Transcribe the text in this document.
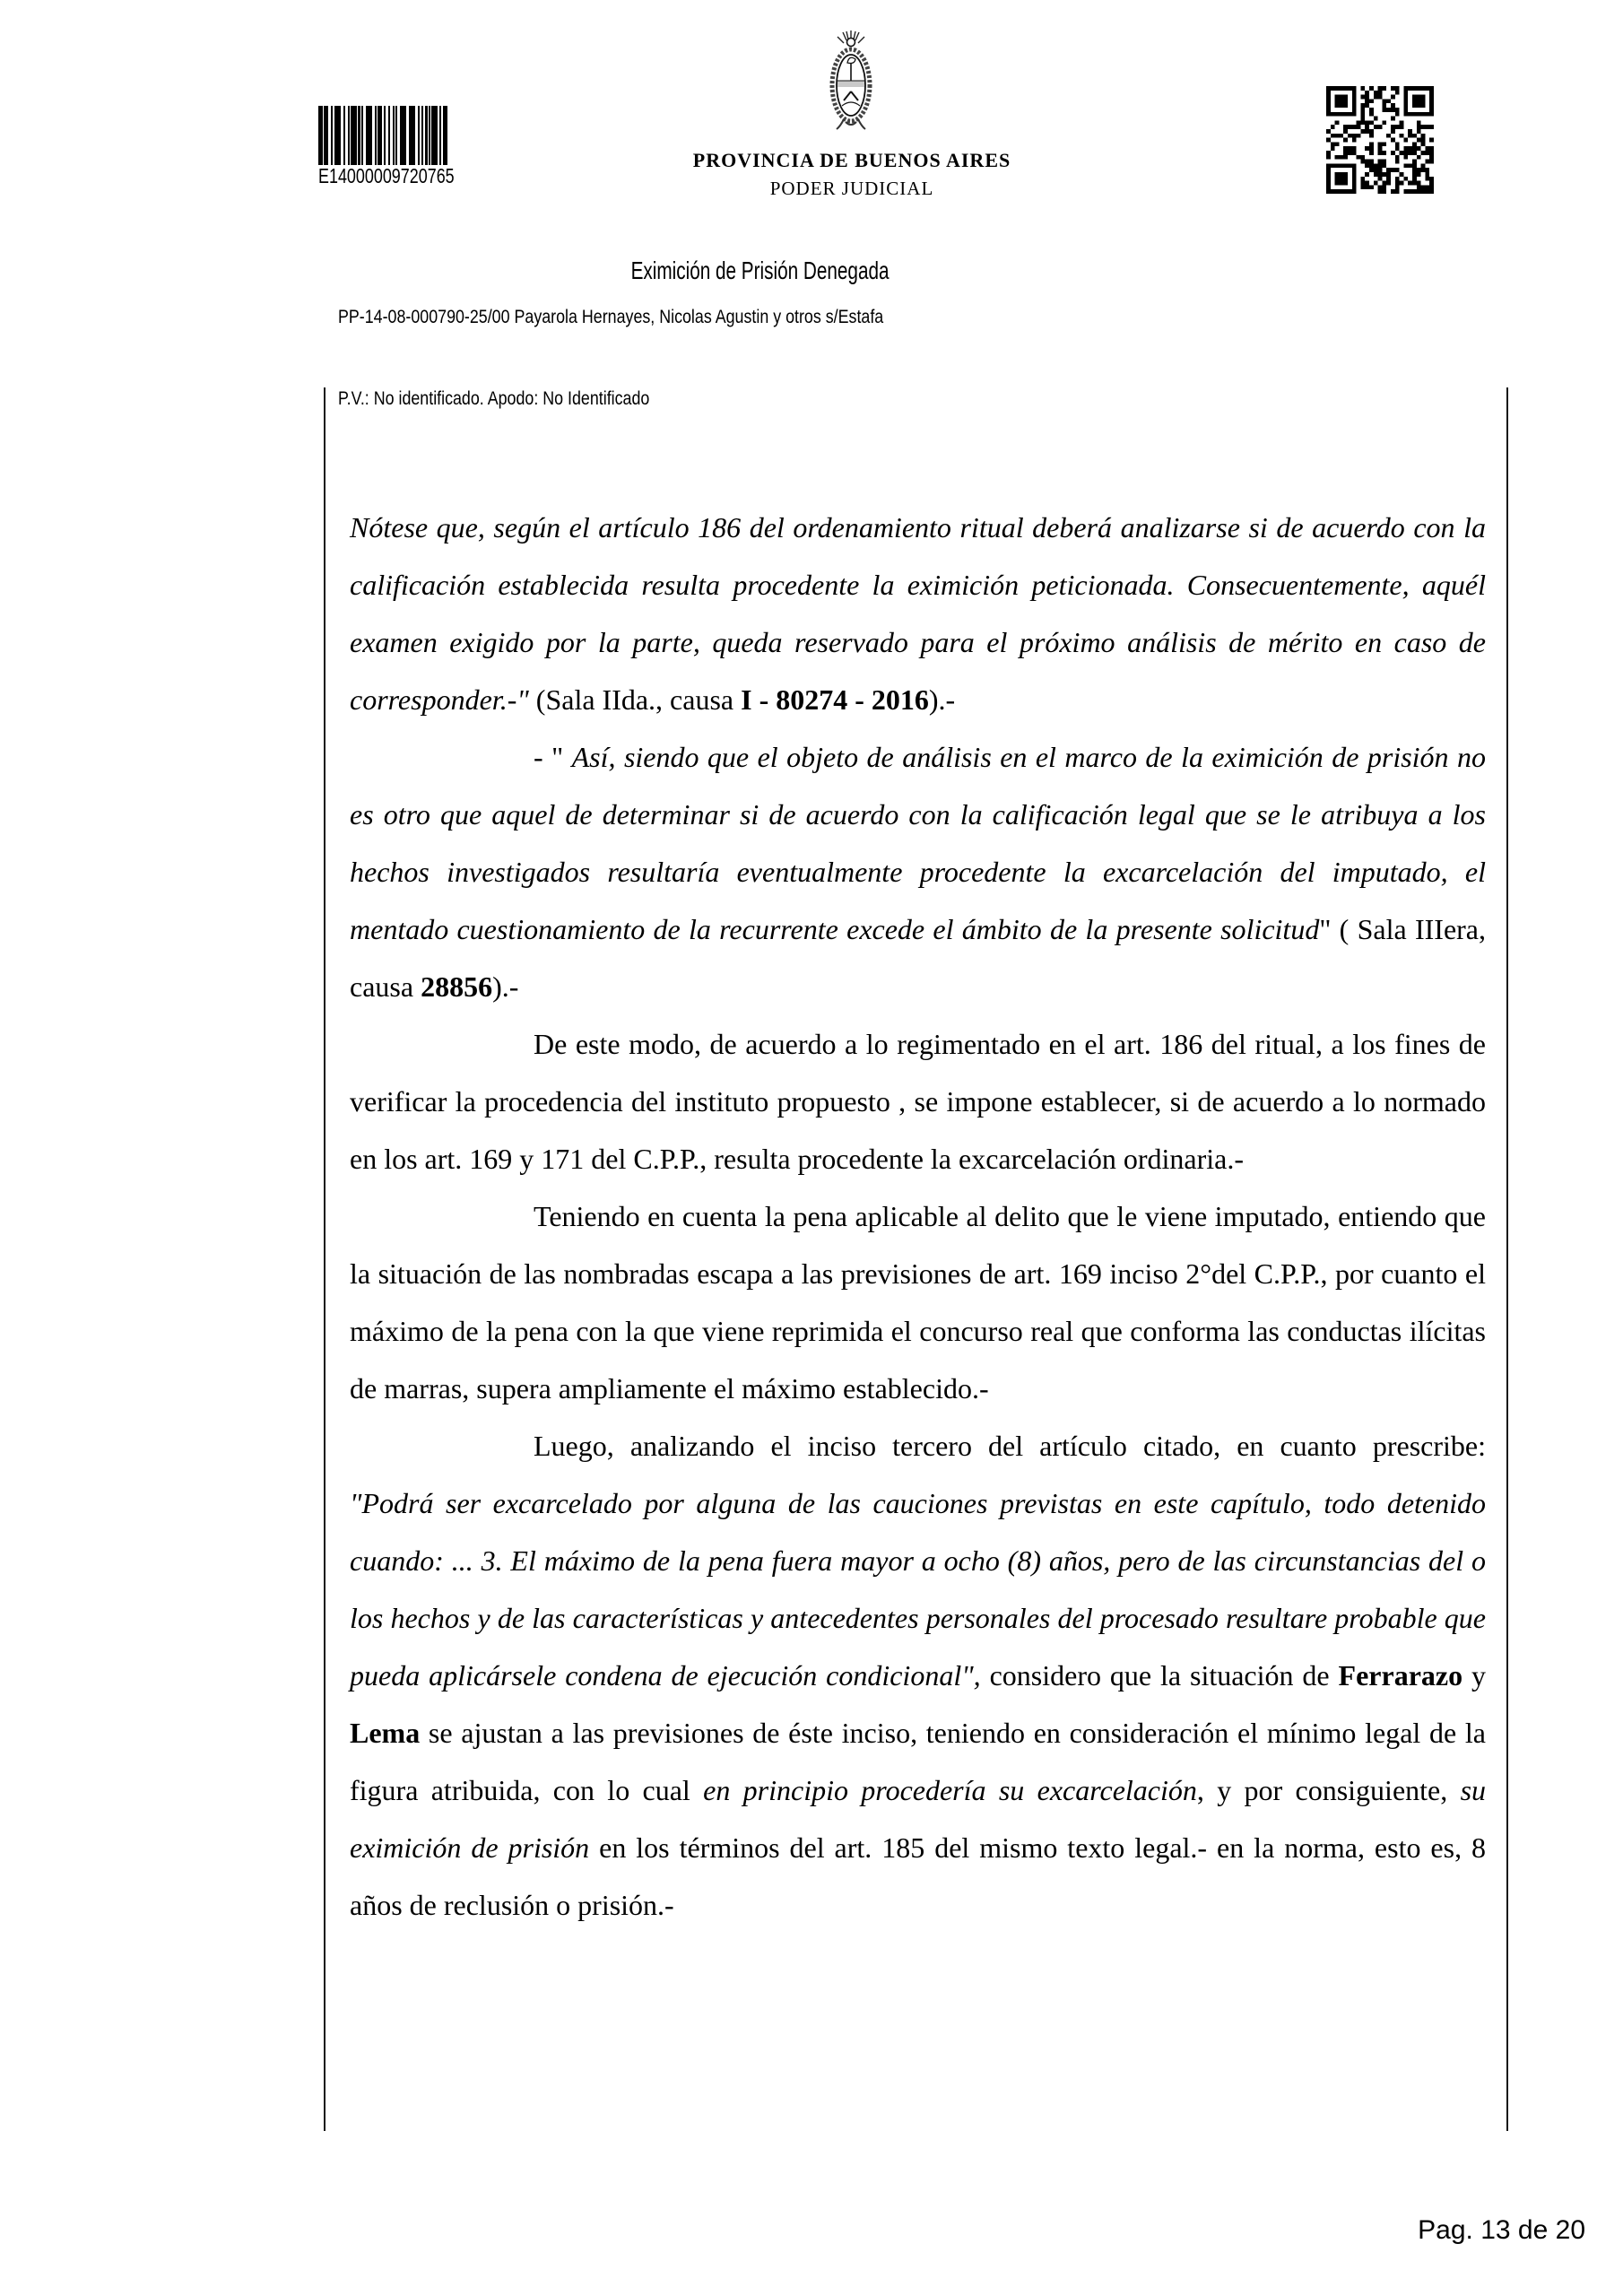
E14000009720765
PROVINCIA DE BUENOS AIRES
PODER JUDICIAL
Eximición de Prisión Denegada
PP-14-08-000790-25/00 Payarola Hernayes, Nicolas Agustin y otros s/Estafa
P.V.: No identificado. Apodo: No Identificado

Nótese que, según el artículo 186 del ordenamiento ritual deberá analizarse si de acuerdo con la calificación establecida resulta procedente la eximición peticionada. Consecuentemente, aquél examen exigido por la parte, queda reservado para el próximo análisis de mérito en caso de corresponder.-" (Sala IIda., causa I - 80274 - 2016).-

- " Así, siendo que el objeto de análisis en el marco de la eximición de prisión no es otro que aquel de determinar si de acuerdo con la calificación legal que se le atribuya a los hechos investigados resultaría eventualmente procedente la excarcelación del imputado, el mentado cuestionamiento de la recurrente excede el ámbito de la presente solicitud" ( Sala IIIera, causa 28856).-

De este modo, de acuerdo a lo regimentado en el art. 186 del ritual, a los fines de verificar la procedencia del instituto propuesto , se impone establecer, si de acuerdo a lo normado en los art. 169 y 171 del C.P.P., resulta procedente la excarcelación ordinaria.-

Teniendo en cuenta la pena aplicable al delito que le viene imputado, entiendo que la situación de las nombradas escapa a las previsiones de art. 169 inciso 2°del C.P.P., por cuanto el máximo de la pena con la que viene reprimida el concurso real que conforma las conductas ilícitas de marras, supera ampliamente el máximo establecido.-

Luego, analizando el inciso tercero del artículo citado, en cuanto prescribe: "Podrá ser excarcelado por alguna de las cauciones previstas en este capítulo, todo detenido cuando: ... 3. El máximo de la pena fuera mayor a ocho (8) años, pero de las circunstancias del o los hechos y de las características y antecedentes personales del procesado resultare probable que pueda aplicársele condena de ejecución condicional", considero que la situación de Ferrarazo y Lema se ajustan a las previsiones de éste inciso, teniendo en consideración el mínimo legal de la figura atribuida, con lo cual en principio procedería su excarcelación, y por consiguiente, su eximición de prisión en los términos del art. 185 del mismo texto legal.- en la norma, esto es, 8 años de reclusión o prisión.-

Pag. 13 de 20
